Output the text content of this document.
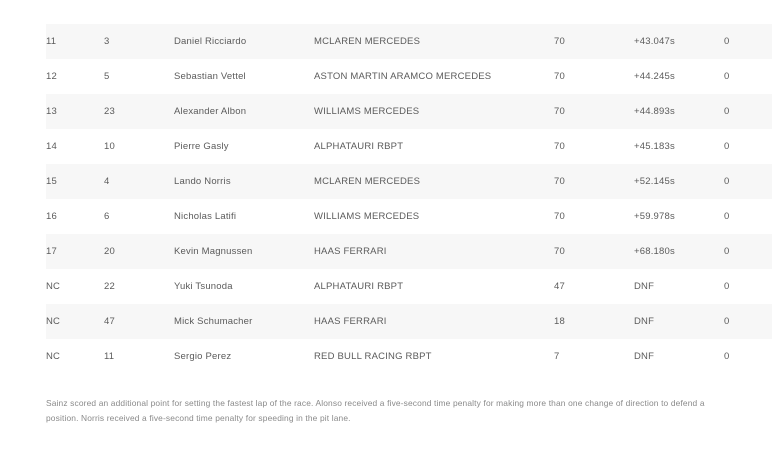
11	3	Daniel Ricciardo	MCLAREN MERCEDES	70	+43.047s	0
12	5	Sebastian Vettel	ASTON MARTIN ARAMCO MERCEDES	70	+44.245s	0
13	23	Alexander Albon	WILLIAMS MERCEDES	70	+44.893s	0
14	10	Pierre Gasly	ALPHATAURI RBPT	70	+45.183s	0
15	4	Lando Norris	MCLAREN MERCEDES	70	+52.145s	0
16	6	Nicholas Latifi	WILLIAMS MERCEDES	70	+59.978s	0
17	20	Kevin Magnussen	HAAS FERRARI	70	+68.180s	0
NC	22	Yuki Tsunoda	ALPHATAURI RBPT	47	DNF	0
NC	47	Mick Schumacher	HAAS FERRARI	18	DNF	0
NC	11	Sergio Perez	RED BULL RACING RBPT	7	DNF	0
Sainz scored an additional point for setting the fastest lap of the race. Alonso received a five-second time penalty for making more than one change of direction to defend a position. Norris received a five-second time penalty for speeding in the pit lane.
